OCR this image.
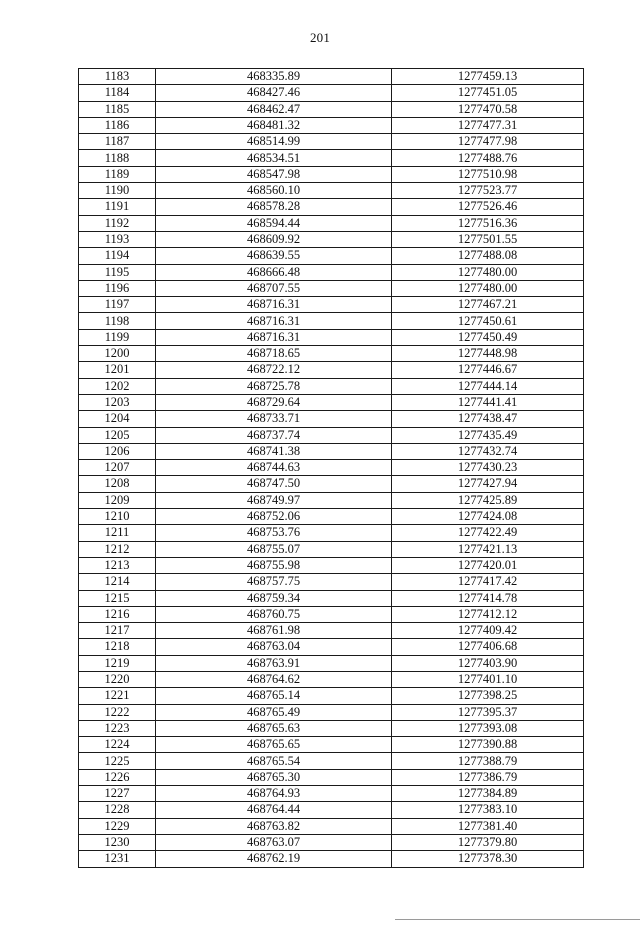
201
1183	468335.89	1277459.13
1184	468427.46	1277451.05
1185	468462.47	1277470.58
1186	468481.32	1277477.31
1187	468514.99	1277477.98
1188	468534.51	1277488.76
1189	468547.98	1277510.98
1190	468560.10	1277523.77
1191	468578.28	1277526.46
1192	468594.44	1277516.36
1193	468609.92	1277501.55
1194	468639.55	1277488.08
1195	468666.48	1277480.00
1196	468707.55	1277480.00
1197	468716.31	1277467.21
1198	468716.31	1277450.61
1199	468716.31	1277450.49
1200	468718.65	1277448.98
1201	468722.12	1277446.67
1202	468725.78	1277444.14
1203	468729.64	1277441.41
1204	468733.71	1277438.47
1205	468737.74	1277435.49
1206	468741.38	1277432.74
1207	468744.63	1277430.23
1208	468747.50	1277427.94
1209	468749.97	1277425.89
1210	468752.06	1277424.08
1211	468753.76	1277422.49
1212	468755.07	1277421.13
1213	468755.98	1277420.01
1214	468757.75	1277417.42
1215	468759.34	1277414.78
1216	468760.75	1277412.12
1217	468761.98	1277409.42
1218	468763.04	1277406.68
1219	468763.91	1277403.90
1220	468764.62	1277401.10
1221	468765.14	1277398.25
1222	468765.49	1277395.37
1223	468765.63	1277393.08
1224	468765.65	1277390.88
1225	468765.54	1277388.79
1226	468765.30	1277386.79
1227	468764.93	1277384.89
1228	468764.44	1277383.10
1229	468763.82	1277381.40
1230	468763.07	1277379.80
1231	468762.19	1277378.30
